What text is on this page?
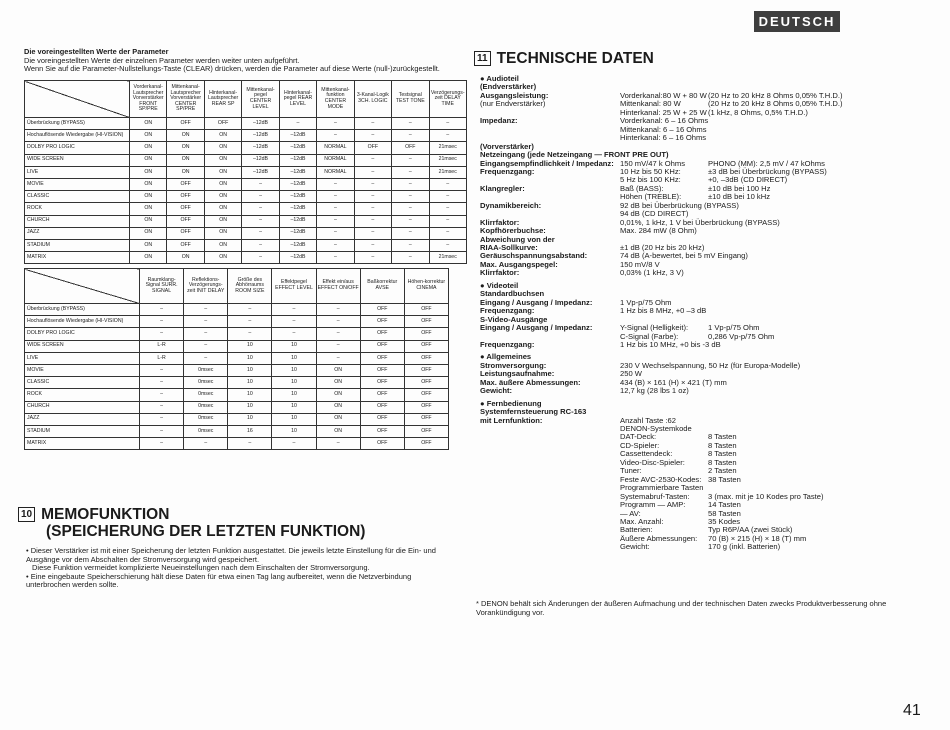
DEUTSCH
Die voreingestellten Werte der Parameter
Die voreingestellten Werte der einzelnen Parameter werden weiter unten aufgeführt.
Wenn Sie auf die Parameter-Nullstellungs-Taste (CLEAR) drücken, werden die Parameter auf diese Werte (null-)zurückgestellt.
	Vorderkanal-Lautsprecher Vorverstärker FRONT SP/PRE	Mittenkanal-Lautsprecher Vorverstärker CENTER SP/PRE	Hinterkanal-Lautsprecher REAR SP	Mittenkanal-pegel CENTER LEVEL	Hinterkanal-pegel REAR LEVEL	Mittenkanal-funktion CENTER MODE	3-Kanal-Logik 3CH. LOGIC	Testsignal TEST TONE	Verzögerungs-zeit DELAY TIME
Überbrückung (BYPASS)	ON	OFF	OFF	–12dB	–	–	–	–	–
Hochauflösende Wiedergabe (HI-VISION)	ON	ON	ON	–12dB	–12dB	–	–	–	–
DOLBY PRO LOGIC	ON	ON	ON	–12dB	–12dB	NORMAL	OFF	OFF	21msec
WIDE SCREEN	ON	ON	ON	–12dB	–12dB	NORMAL	–	–	21msec
LIVE	ON	ON	ON	–12dB	–12dB	NORMAL	–	–	21msec
MOVIE	ON	OFF	ON	–	–12dB	–	–	–	–
CLASSIC	ON	OFF	ON	–	–12dB	–	–	–	–
ROCK	ON	OFF	ON	–	–12dB	–	–	–	–
CHURCH	ON	OFF	ON	–	–12dB	–	–	–	–
JAZZ	ON	OFF	ON	–	–12dB	–	–	–	–
STADIUM	ON	OFF	ON	–	–12dB	–	–	–	–
MATRIX	ON	ON	ON	–	–12dB	–	–	–	21msec
	Raumklang-Signal SURR. SIGNAL	Reflektions-Verzögerungs-zeit INIT DELAY	Größe des Abhörraums ROOM SIZE	Effektpegel EFFECT LEVEL	Effekt ein/aus EFFECT ON/OFF	Baßkorrektur AVSE	Höhen-korrektur CINEMA
Überbrückung (BYPASS)	–	–	–	–	–	OFF	OFF
Hochauflösende Wiedergabe (HI-VISION)	–	–	–	–	–	OFF	OFF
DOLBY PRO LOGIC	–	–	–	–	–	OFF	OFF
WIDE SCREEN	L-R	–	10	10	–	OFF	OFF
LIVE	L-R	–	10	10	–	OFF	OFF
MOVIE	–	0msec	10	10	ON	OFF	OFF
CLASSIC	–	0msec	10	10	ON	OFF	OFF
ROCK	–	0msec	10	10	ON	OFF	OFF
CHURCH	–	0msec	10	10	ON	OFF	OFF
JAZZ	–	0msec	10	10	ON	OFF	OFF
STADIUM	–	0msec	16	10	ON	OFF	OFF
MATRIX	–	–	–	–	–	OFF	OFF
10 MEMOFUNKTION
(SPEICHERUNG DER LETZTEN FUNKTION)

• Dieser Verstärker ist mit einer Speicherung der letzten Funktion ausgestattet. Die jeweils letzte Einstellung für die Ein- und Ausgänge vor dem Abschalten der Stromversorgung wird gespeichert.

Diese Funktion vermeidet komplizierte Neueinstellungen nach dem Einschalten der Stromversorgung.

• Eine eingebaute Speicherschierung hält diese Daten für etwa einen Tag lang aufbereitet, wenn die Netzverbindung unterbrochen werden sollte.

11 TECHNISCHE DATEN
● Audioteil
(Endverstärker)
Ausgangsleistung:	Vorderkanal:80 W + 80 W (20 Hz to 20 kHz 8 Ohms 0,05% T.H.D.)
(nur Endverstärker)	Mittenkanal: 80 W	(20 Hz to 20 kHz 8 Ohms 0,05% T.H.D.)
Hinterkanal: 25 W + 25 W (1 kHz, 8 Ohms, 0,5% T.H.D.)
Impedanz:	Vorderkanal: 6 – 16 Ohms
Mittenkanal: 6 – 16 Ohms
Hinterkanal: 6 – 16 Ohms
(Vorverstärker)
Netzeingang (jede Netzeingang — FRONT PRE OUT)
Eingangsempfindlichkeit / Impedanz: 150 mV/47 k Ohms	PHONO (MM): 2,5 mV / 47 kOhms
Frequenzgang:	10 Hz bis 50 KHz:	±3 dB bei Überbrückung (BYPASS)
5 Hz bis 100 KHz:	+0, –3dB (CD DIRECT)
Klangregler:	Baß (BASS):	±10 dB bei 100 Hz
Höhen (TREBLE):	±10 dB bei 10 kHz
Dynamikbereich:	92 dB bei Überbrückung (BYPASS)
94 dB (CD DIRECT)
Klirrfaktor:	0,01%, 1 kHz, 1 V bei Überbrückung (BYPASS)
Kopfhörerbuchse:	Max. 284 mW (8 Ohm)
Abweichung von der
RIAA-Sollkurve:	±1 dB (20 Hz bis 20 kHz)
Geräuschspannungsabstand:	74 dB (A-bewertet, bei 5 mV Eingang)
Max. Ausgangspegel:	150 mV/8 V
Klirrfaktor:	0,03% (1 kHz, 3 V)
● Videoteil
Standardbuchsen
Eingang / Ausgang / Impedanz:	1 Vp-p/75 Ohm
Frequenzgang:	1 Hz bis 8 MHz, +0 –3 dB
S-Video-Ausgänge
Eingang / Ausgang / Impedanz:	Y-Signal (Helligkeit):	1 Vp-p/75 Ohm
C-Signal (Farbe):	0,286 Vp-p/75 Ohm
Frequenzgang:	1 Hz bis 10 MHz, +0 bis -3 dB
● Allgemeines
Stromversorgung:	230 V Wechselspannung, 50 Hz (für Europa-Modelle)
Leistungsaufnahme:	250 W
Max. äußere Abmessungen:	434 (B) × 161 (H) × 421 (T) mm
Gewicht:	12,7 kg (28 lbs 1 oz)
● Fernbedienung
Systemfernsteuerung RC-163
mit Lernfunktion:	Anzahl Taste :62
DENON-Systemkode
DAT-Deck:	8 Tasten
CD-Spieler:	8 Tasten
Cassettendeck:	8 Tasten
Video-Disc-Spieler:	8 Tasten
Tuner:	2 Tasten
Feste AVC-2530-Kodes: 38 Tasten
Programmierbare Tasten
Systemabruf-Tasten: 3 (max. mit je 10 Kodes pro Taste)
Programm — AMP:	14 Tasten
— AV:	58 Tasten
Max. Anzahl:	35 Kodes
Batterien:	Typ R6P/AA (zwei Stück)
Äußere Abmessungen: 70 (B) × 215 (H) × 18 (T) mm
Gewicht:	170 g (inkl. Batterien)
* DENON behält sich Änderungen der äußeren Aufmachung und der technischen Daten zwecks Produktverbesserung ohne Vorankündigung vor.
41
